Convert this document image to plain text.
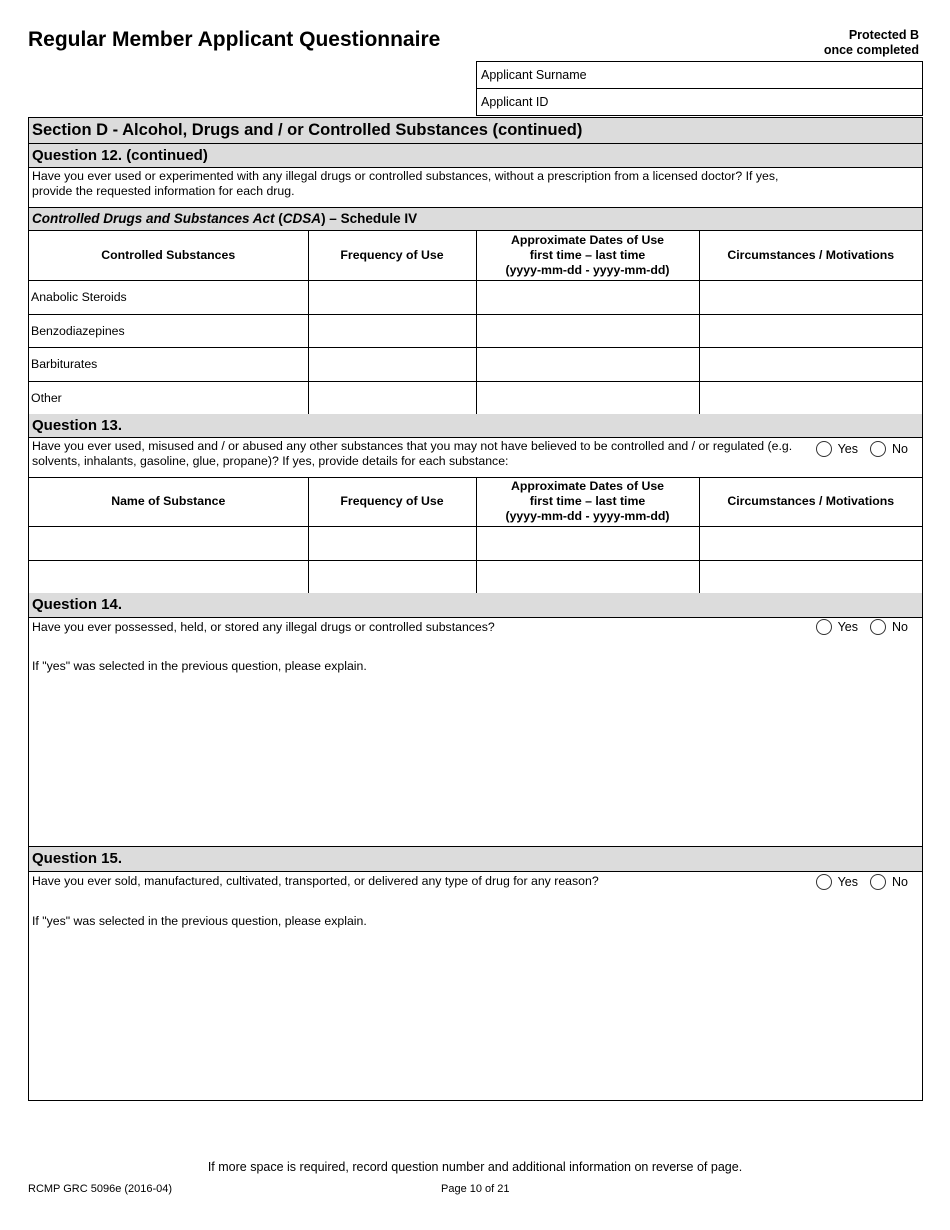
Regular Member Applicant Questionnaire	Protected B
once completed
Applicant Surname
Applicant ID
Section D - Alcohol, Drugs and / or Controlled Substances (continued)
Question 12. (continued)
Have you ever used or experimented with any illegal drugs or controlled substances, without a prescription from a licensed doctor? If yes,
provide the requested information for each drug.
Controlled Drugs and Substances Act (CDSA) – Schedule IV
Controlled Substances	Frequency of Use	Approximate Dates of Use
first time – last time
(yyyy-mm-dd - yyyy-mm-dd)	Circumstances / Motivations
Anabolic Steroids			
Benzodiazepines			
Barbiturates			
Other			
Question 13.
Have you ever used, misused and / or abused any other substances that you may not have believed to be controlled and / or regulated (e.g.
solvents, inhalants, gasoline, glue, propane)? If yes, provide details for each substance:
Yes	No
Name of Substance	Frequency of Use	Approximate Dates of Use
first time – last time
(yyyy-mm-dd - yyyy-mm-dd)	Circumstances / Motivations

Question 14.
Have you ever possessed, held, or stored any illegal drugs or controlled substances?
If "yes" was selected in the previous question, please explain.
Yes	No
Question 15.
Have you ever sold, manufactured, cultivated, transported, or delivered any type of drug for any reason?
If "yes" was selected in the previous question, please explain.
Yes	No
If more space is required, record question number and additional information on reverse of page.
RCMP GRC 5096e (2016-04)	Page 10 of 21
